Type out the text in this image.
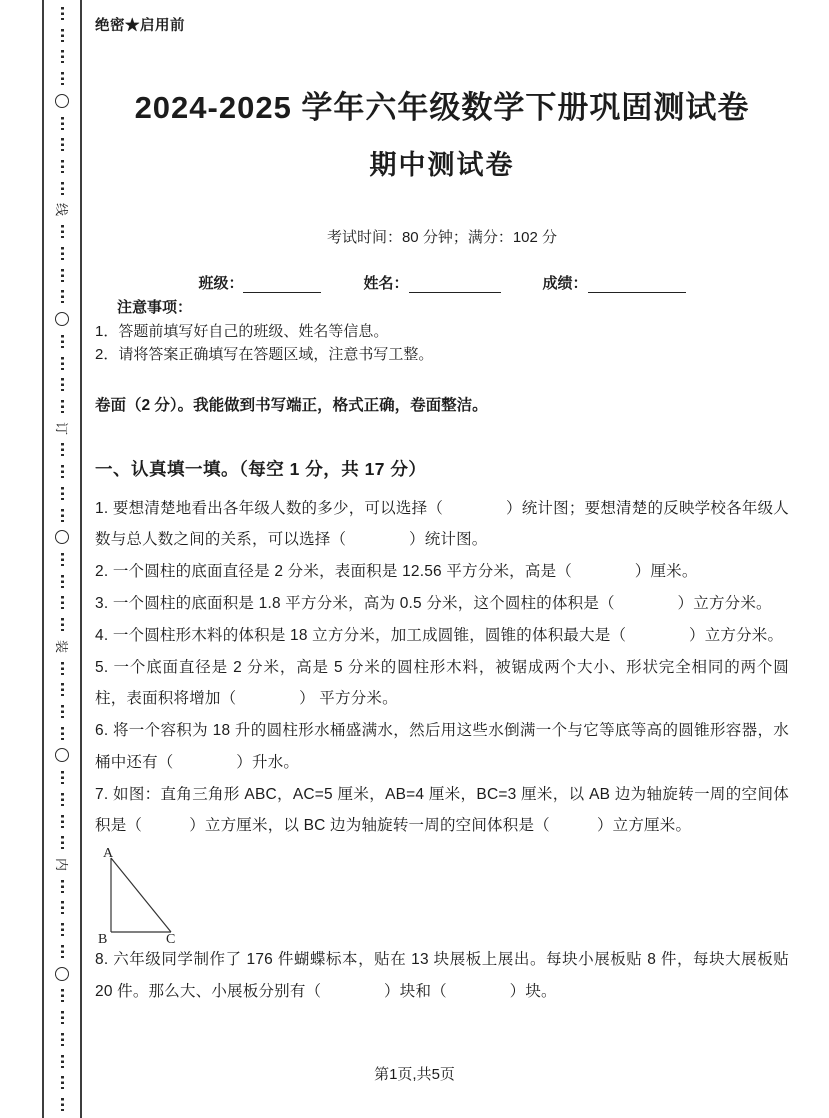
线
订
装
内
绝密★启用前
2024-2025 学年六年级数学下册巩固测试卷
期中测试卷
考试时间：80 分钟；满分：102 分
班级：	姓名：	成绩：
注意事项：

1．答题前填写好自己的班级、姓名等信息。

2．请将答案正确填写在答题区域，注意书写工整。

卷面（2 分）。我能做到书写端正，格式正确，卷面整洁。

一、认真填一填。（每空 1 分，共 17 分）

1. 要想清楚地看出各年级人数的多少，可以选择（　　　　）统计图；要想清楚的反映学校各年级人数与总人数之间的关系，可以选择（　　　　）统计图。

2. 一个圆柱的底面直径是 2 分米，表面积是 12.56 平方分米，高是（　　　　）厘米。

3. 一个圆柱的底面积是 1.8 平方分米，高为 0.5 分米，这个圆柱的体积是（　　　　）立方分米。

4. 一个圆柱形木料的体积是 18 立方分米，加工成圆锥，圆锥的体积最大是（　　　　）立方分米。

5. 一个底面直径是 2 分米，高是 5 分米的圆柱形木料，被锯成两个大小、形状完全相同的两个圆柱，表面积将增加（　　　　） 平方分米。

6. 将一个容积为 18 升的圆柱形水桶盛满水，然后用这些水倒满一个与它等底等高的圆锥形容器，水桶中还有（　　　　）升水。

7. 如图：直角三角形 ABC，AC=5 厘米，AB=4 厘米，BC=3 厘米，以 AB 边为轴旋转一周的空间体积是（　　　）立方厘米，以 BC 边为轴旋转一周的空间体积是（　　　）立方厘米。

A
B	C

8. 六年级同学制作了 176 件蝴蝶标本，贴在 13 块展板上展出。每块小展板贴 8 件，每块大展板贴 20 件。那么大、小展板分别有（　　　　）块和（　　　　）块。

第1页,共5页
